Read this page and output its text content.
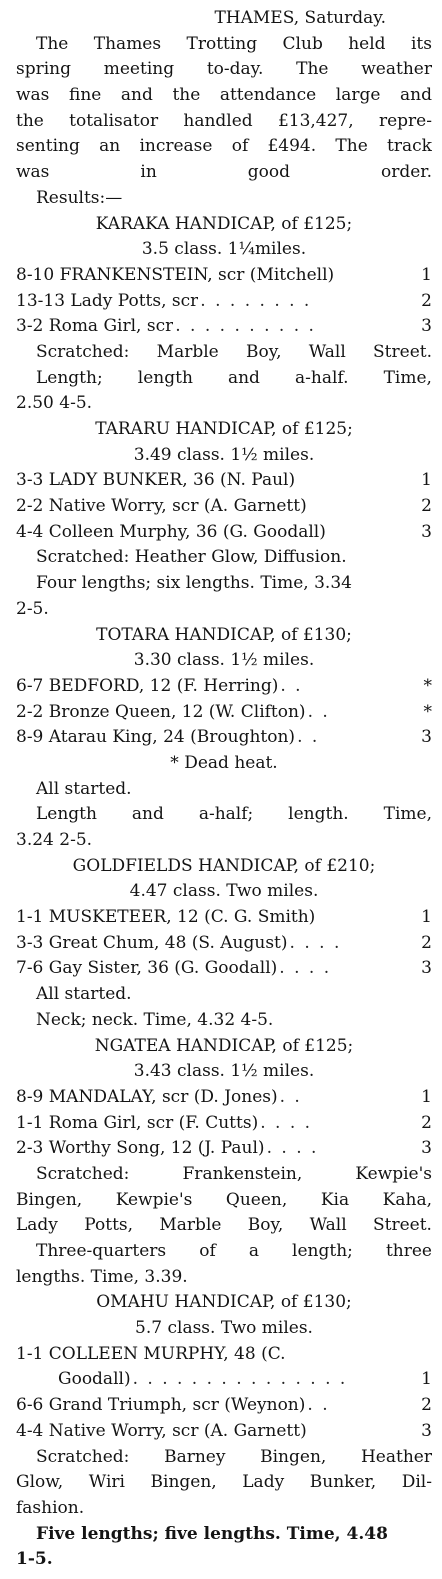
THAMES, Saturday.
The Thames Trotting Club held its
spring meeting to-day. The weather
was fine and the attendance large and
the totalisator handled £13,427, repre-
senting an increase of £494. The track
was	in	good	order.
Results:—
KARAKA HANDICAP, of £125;
3.5 class. 1¼miles.
8-10 FRANKENSTEIN, scr (Mitchell)	1
13-13 Lady Potts, scr . . . . . . . .	2
3-2 Roma Girl, scr . . . . . . . . . .	3
Scratched: Marble Boy, Wall Street.
Length; length and a-half. Time,
2.50 4-5.
TARARU HANDICAP, of £125;
3.49 class. 1½ miles.
3-3 LADY BUNKER, 36 (N. Paul)	1
2-2 Native Worry, scr (A. Garnett)	2
4-4 Colleen Murphy, 36 (G. Goodall)	3
Scratched: Heather Glow, Diffusion.
Four lengths; six lengths. Time, 3.34
2-5.
TOTARA HANDICAP, of £130;
3.30 class. 1½ miles.
6-7 BEDFORD, 12 (F. Herring) . .	*
2-2 Bronze Queen, 12 (W. Clifton) . .	*
8-9 Atarau King, 24 (Broughton) . .	3
* Dead heat.
All started.
Length and a-half; length. Time,
3.24 2-5.
GOLDFIELDS HANDICAP, of £210;
4.47 class. Two miles.
1-1 MUSKETEER, 12 (C. G. Smith)	1
3-3 Great Chum, 48 (S. August) . . . .	2
7-6 Gay Sister, 36 (G. Goodall) . . . .	3
All started.
Neck; neck. Time, 4.32 4-5.
NGATEA HANDICAP, of £125;
3.43 class. 1½ miles.
8-9 MANDALAY, scr (D. Jones) . .	1
1-1 Roma Girl, scr (F. Cutts) . . . .	2
2-3 Worthy Song, 12 (J. Paul) . . . .	3
Scratched:	Frankenstein,	Kewpie's
Bingen, Kewpie's Queen, Kia Kaha,
Lady Potts, Marble Boy, Wall Street.
Three-quarters of a length; three
lengths. Time, 3.39.
OMAHU HANDICAP, of £130;
5.7 class. Two miles.
1-1 COLLEEN MURPHY, 48 (C.
Goodall) . . . . . . . . . . . . . . .	1
6-6 Grand Triumph, scr (Weynon) . .	2
4-4 Native Worry, scr (A. Garnett)	3
Scratched: Barney Bingen, Heather
Glow, Wiri Bingen, Lady Bunker, Dil-
fashion.
Five lengths; five lengths. Time, 4.48
1-5.
